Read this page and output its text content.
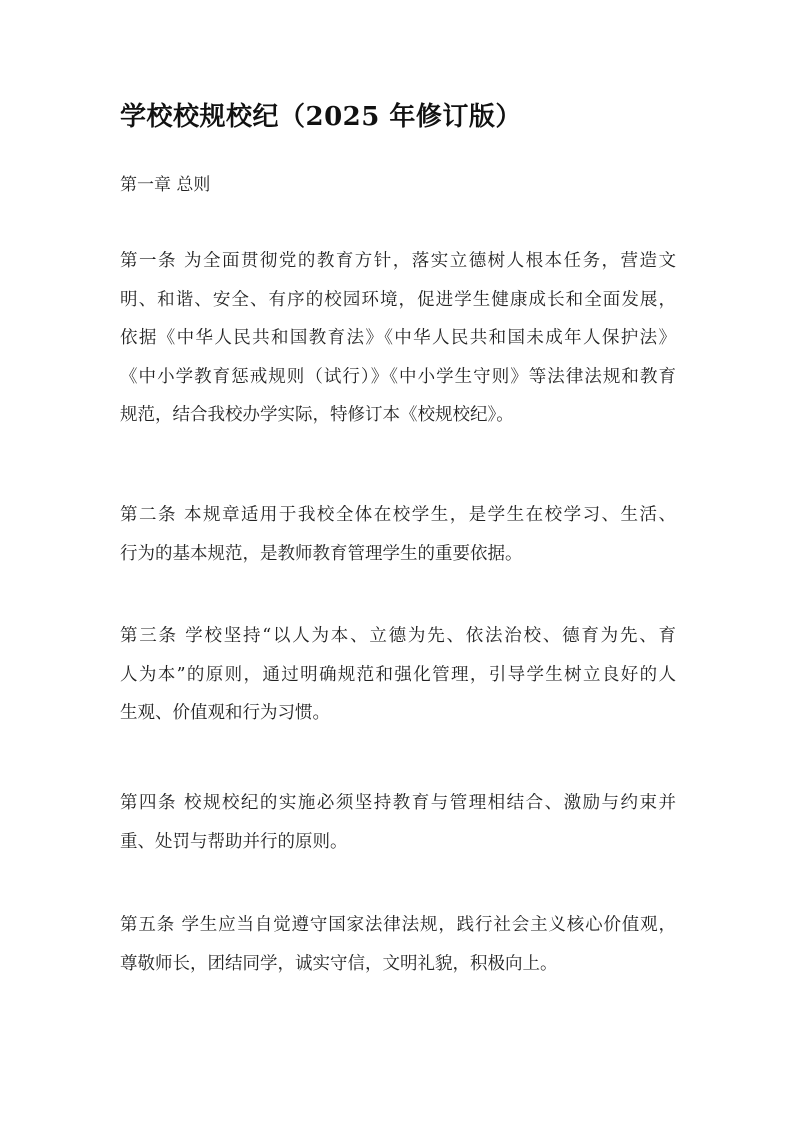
学校校规校纪（2025 年修订版）
第一章 总则
第一条 为全面贯彻党的教育方针，落实立德树人根本任务，营造文
明、和谐、安全、有序的校园环境，促进学生健康成长和全面发展，
依据《中华人民共和国教育法》《中华人民共和国未成年人保护法》
《中小学教育惩戒规则（试行）》《中小学生守则》等法律法规和教育
规范，结合我校办学实际，特修订本《校规校纪》。
第二条 本规章适用于我校全体在校学生，是学生在校学习、生活、
行为的基本规范，是教师教育管理学生的重要依据。
第三条 学校坚持“以人为本、立德为先、依法治校、德育为先、育
人为本”的原则，通过明确规范和强化管理，引导学生树立良好的人
生观、价值观和行为习惯。
第四条 校规校纪的实施必须坚持教育与管理相结合、激励与约束并
重、处罚与帮助并行的原则。
第五条 学生应当自觉遵守国家法律法规，践行社会主义核心价值观，
尊敬师长，团结同学，诚实守信，文明礼貌，积极向上。
